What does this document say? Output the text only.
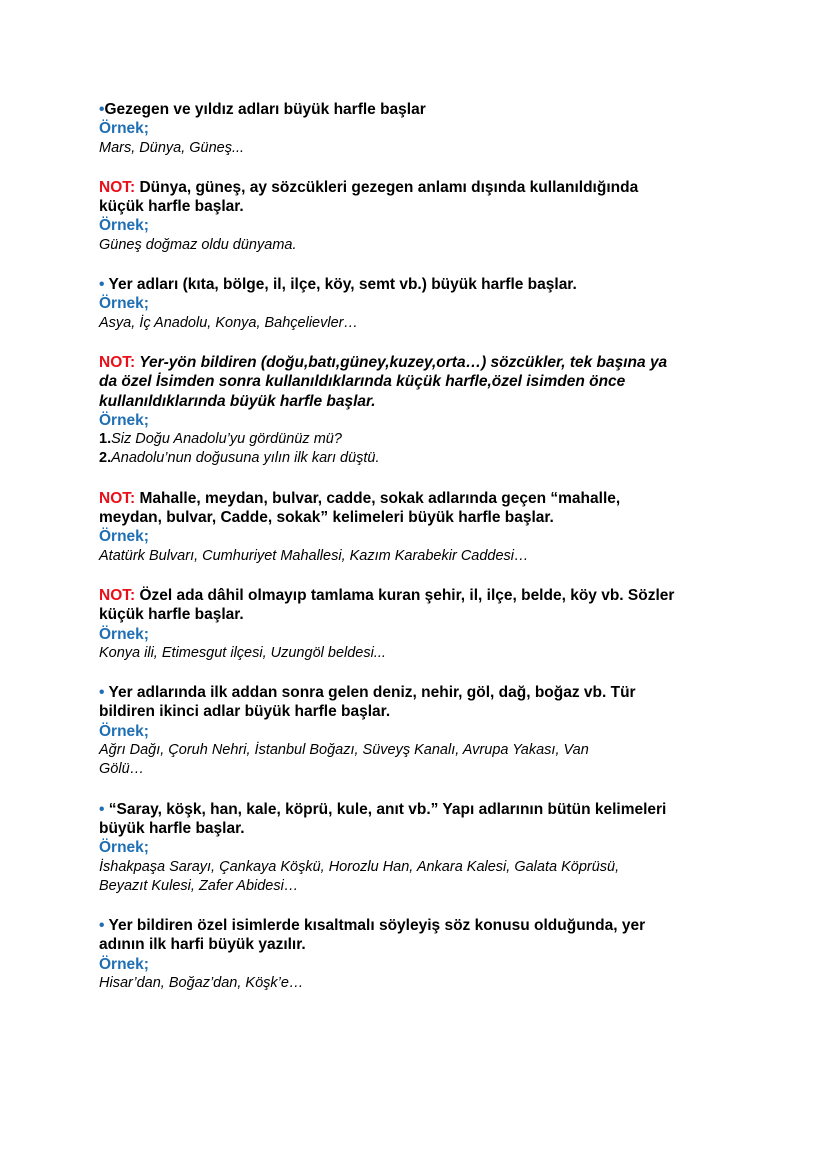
•Gezegen ve yıldız adları büyük harfle başlar
Örnek;
Mars, Dünya, Güneş...
NOT: Dünya, güneş, ay sözcükleri gezegen anlamı dışında kullanıldığında
küçük harfle başlar.
Örnek;
Güneş doğmaz oldu dünyama.
• Yer adları (kıta, bölge, il, ilçe, köy, semt vb.) büyük harfle başlar.
Örnek;
Asya, İç Anadolu, Konya, Bahçelievler…
NOT: Yer-yön bildiren (doğu,batı,güney,kuzey,orta…) sözcükler, tek başına ya
da özel İsimden sonra kullanıldıklarında küçük harfle,özel isimden önce
kullanıldıklarında büyük harfle başlar.
Örnek;
1.Siz Doğu Anadolu’yu gördünüz mü?
2.Anadolu’nun doğusuna yılın ilk karı düştü.
NOT: Mahalle, meydan, bulvar, cadde, sokak adlarında geçen “mahalle,
meydan, bulvar, Cadde, sokak” kelimeleri büyük harfle başlar.
Örnek;
Atatürk Bulvarı, Cumhuriyet Mahallesi, Kazım Karabekir Caddesi…
NOT: Özel ada dâhil olmayıp tamlama kuran şehir, il, ilçe, belde, köy vb. Sözler
küçük harfle başlar.
Örnek;
Konya ili, Etimesgut ilçesi, Uzungöl beldesi...
• Yer adlarında ilk addan sonra gelen deniz, nehir, göl, dağ, boğaz vb. Tür
bildiren ikinci adlar büyük harfle başlar.
Örnek;
Ağrı Dağı, Çoruh Nehri, İstanbul Boğazı, Süveyş Kanalı, Avrupa Yakası, Van
Gölü…
• “Saray, köşk, han, kale, köprü, kule, anıt vb.” Yapı adlarının bütün kelimeleri
büyük harfle başlar.
Örnek;
İshakpaşa Sarayı, Çankaya Köşkü, Horozlu Han, Ankara Kalesi, Galata Köprüsü,
Beyazıt Kulesi, Zafer Abidesi…
• Yer bildiren özel isimlerde kısaltmalı söyleyiş söz konusu olduğunda, yer
adının ilk harfi büyük yazılır.
Örnek;
Hisar’dan, Boğaz’dan, Köşk’e…
